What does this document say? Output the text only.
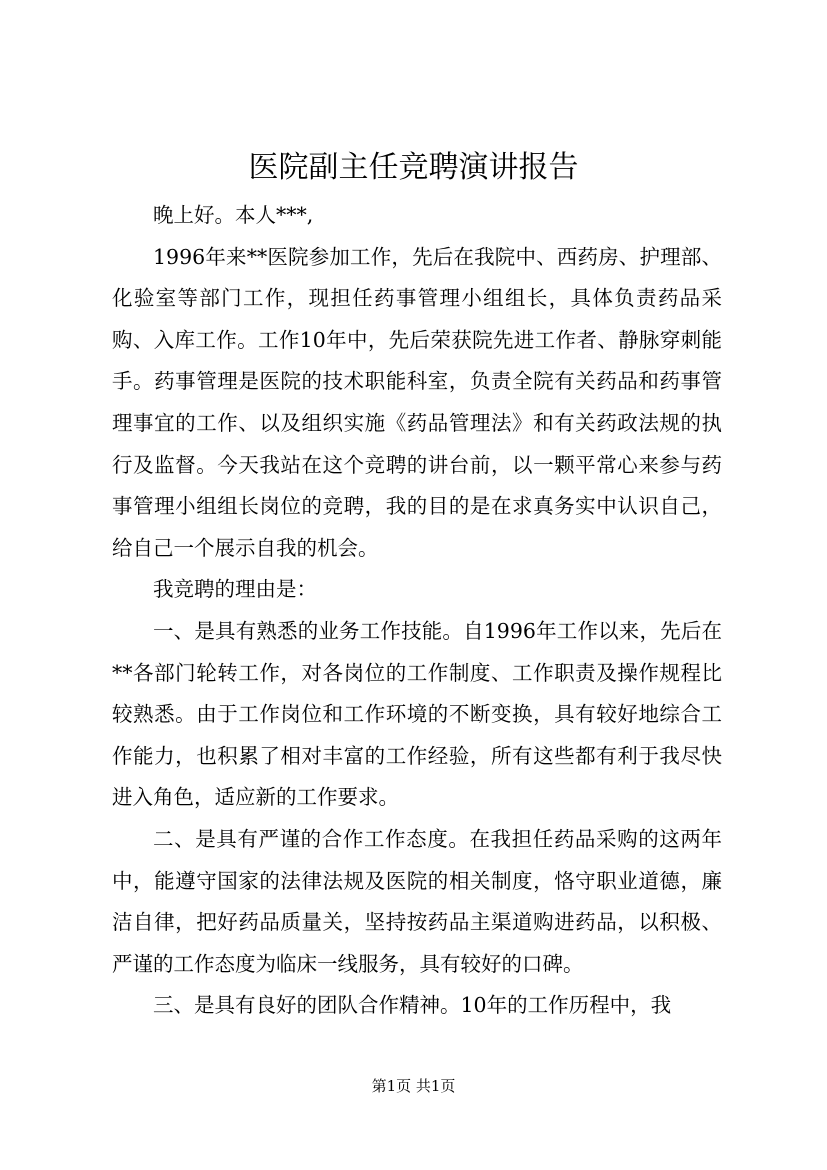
医院副主任竞聘演讲报告

晚上好。本人***,

1996年来**医院参加工作，先后在我院中、西药房、护理部、化验室等部门工作，现担任药事管理小组组长，具体负责药品采购、入库工作。工作10年中，先后荣获院先进工作者、静脉穿刺能手。药事管理是医院的技术职能科室，负责全院有关药品和药事管理事宜的工作、以及组织实施《药品管理法》和有关药政法规的执行及监督。今天我站在这个竞聘的讲台前，以一颗平常心来参与药事管理小组组长岗位的竞聘，我的目的是在求真务实中认识自己，给自己一个展示自我的机会。

我竞聘的理由是：

一、是具有熟悉的业务工作技能。自1996年工作以来，先后在**各部门轮转工作，对各岗位的工作制度、工作职责及操作规程比较熟悉。由于工作岗位和工作环境的不断变换，具有较好地综合工作能力，也积累了相对丰富的工作经验，所有这些都有利于我尽快进入角色，适应新的工作要求。

二、是具有严谨的合作工作态度。在我担任药品采购的这两年中，能遵守国家的法律法规及医院的相关制度，恪守职业道德，廉洁自律，把好药品质量关，坚持按药品主渠道购进药品，以积极、严谨的工作态度为临床一线服务，具有较好的口碑。

三、是具有良好的团队合作精神。10年的工作历程中，我

第1页 共1页
